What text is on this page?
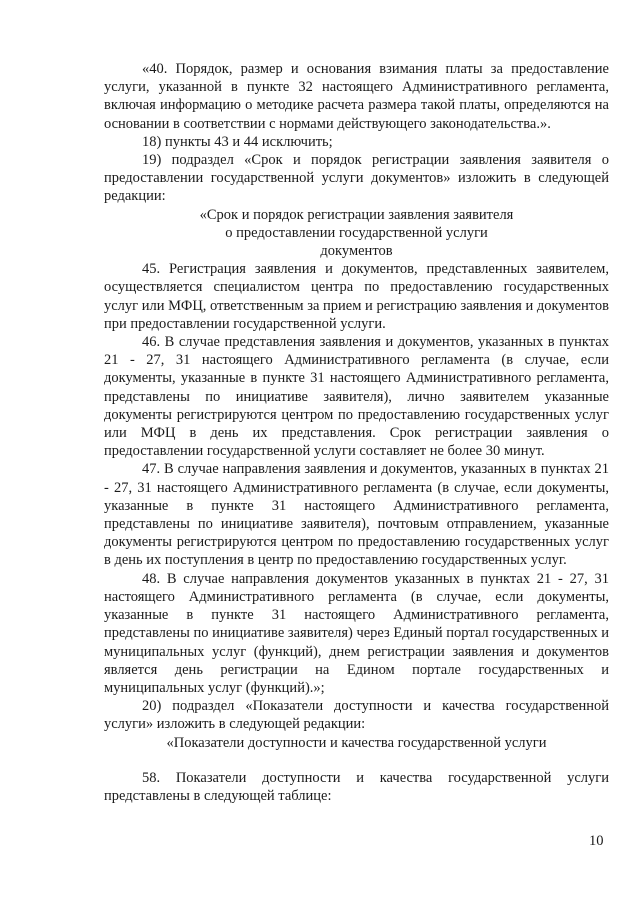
«40. Порядок, размер и основания взимания платы за предоставление услуги, указанной в пункте 32 настоящего Административного регламента, включая информацию о методике расчета размера такой платы, определяются на основании в соответствии с нормами действующего законодательства.».

18) пункты 43 и 44 исключить;

19) подраздел «Срок и порядок регистрации заявления заявителя о предоставлении государственной услуги документов» изложить в следующей редакции:

«Срок и порядок регистрации заявления заявителя
о предоставлении государственной услуги
документов

45. Регистрация заявления и документов, представленных заявителем, осуществляется специалистом центра по предоставлению государственных услуг или МФЦ, ответственным за прием и регистрацию заявления и документов при предоставлении государственной услуги.

46. В случае представления заявления и документов, указанных в пунктах 21 - 27, 31 настоящего Административного регламента (в случае, если документы, указанные в пункте 31 настоящего Административного регламента, представлены по инициативе заявителя), лично заявителем указанные документы регистрируются центром по предоставлению государственных услуг или МФЦ в день их представления. Срок регистрации заявления о предоставлении государственной услуги составляет не более 30 минут.

47. В случае направления заявления и документов, указанных в пунктах 21 - 27, 31 настоящего Административного регламента (в случае, если документы, указанные в пункте 31 настоящего Административного регламента, представлены по инициативе заявителя), почтовым отправлением, указанные документы регистрируются центром по предоставлению государственных услуг в день их поступления в центр по предоставлению государственных услуг.

48. В случае направления документов указанных в пунктах 21 - 27, 31 настоящего Административного регламента (в случае, если документы, указанные в пункте 31 настоящего Административного регламента, представлены по инициативе заявителя) через Единый портал государственных и муниципальных услуг (функций), днем регистрации заявления и документов является день регистрации на Едином портале государственных и муниципальных услуг (функций).»;

20) подраздел «Показатели доступности и качества государственной услуги» изложить в следующей редакции:

«Показатели доступности и качества государственной услуги

58. Показатели доступности и качества государственной услуги представлены в следующей таблице:

10
